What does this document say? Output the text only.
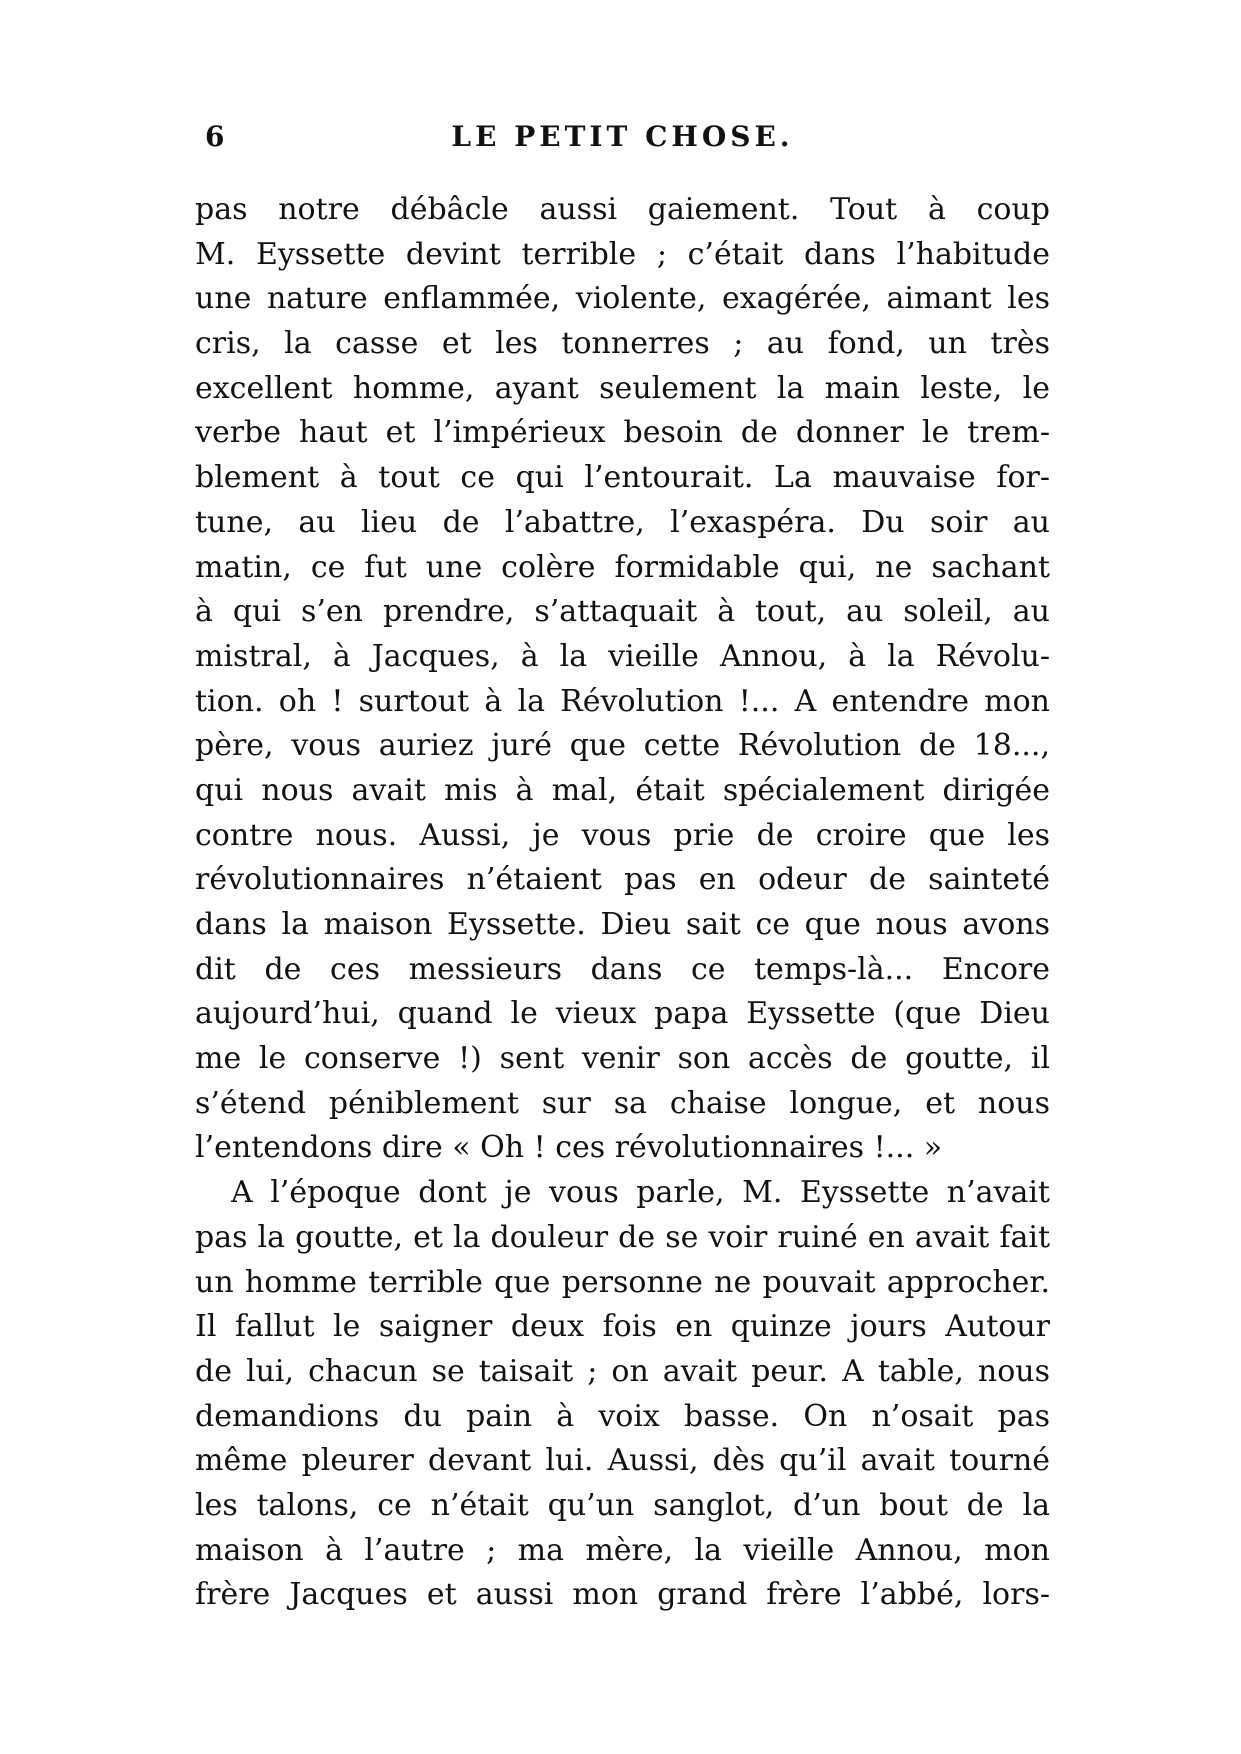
6	LE PETIT CHOSE.
pas notre débâcle aussi gaiement. Tout à coup
M. Eyssette devint terrible ; c’était dans l’habitude
une nature enflammée, violente, exagérée, aimant les
cris, la casse et les tonnerres ; au fond, un très
excellent homme, ayant seulement la main leste, le
verbe haut et l’impérieux besoin de donner le trem-
blement à tout ce qui l’entourait. La mauvaise for-
tune, au lieu de l’abattre, l’exaspéra. Du soir au
matin, ce fut une colère formidable qui, ne sachant
à qui s’en prendre, s’attaquait à tout, au soleil, au
mistral, à Jacques, à la vieille Annou, à la Révolu-
tion. oh ! surtout à la Révolution !... A entendre mon
père, vous auriez juré que cette Révolution de 18...,
qui nous avait mis à mal, était spécialement dirigée
contre nous. Aussi, je vous prie de croire que les
révolutionnaires n’étaient pas en odeur de sainteté
dans la maison Eyssette. Dieu sait ce que nous avons
dit de ces messieurs dans ce temps-là... Encore
aujourd’hui, quand le vieux papa Eyssette (que Dieu
me le conserve !) sent venir son accès de goutte, il
s’étend péniblement sur sa chaise longue, et nous
l’entendons dire « Oh ! ces révolutionnaires !... »
A l’époque dont je vous parle, M. Eyssette n’avait
pas la goutte, et la douleur de se voir ruiné en avait fait
un homme terrible que personne ne pouvait approcher.
Il fallut le saigner deux fois en quinze jours Autour
de lui, chacun se taisait ; on avait peur. A table, nous
demandions du pain à voix basse. On n’osait pas
même pleurer devant lui. Aussi, dès qu’il avait tourné
les talons, ce n’était qu’un sanglot, d’un bout de la
maison à l’autre ; ma mère, la vieille Annou, mon
frère Jacques et aussi mon grand frère l’abbé, lors-
